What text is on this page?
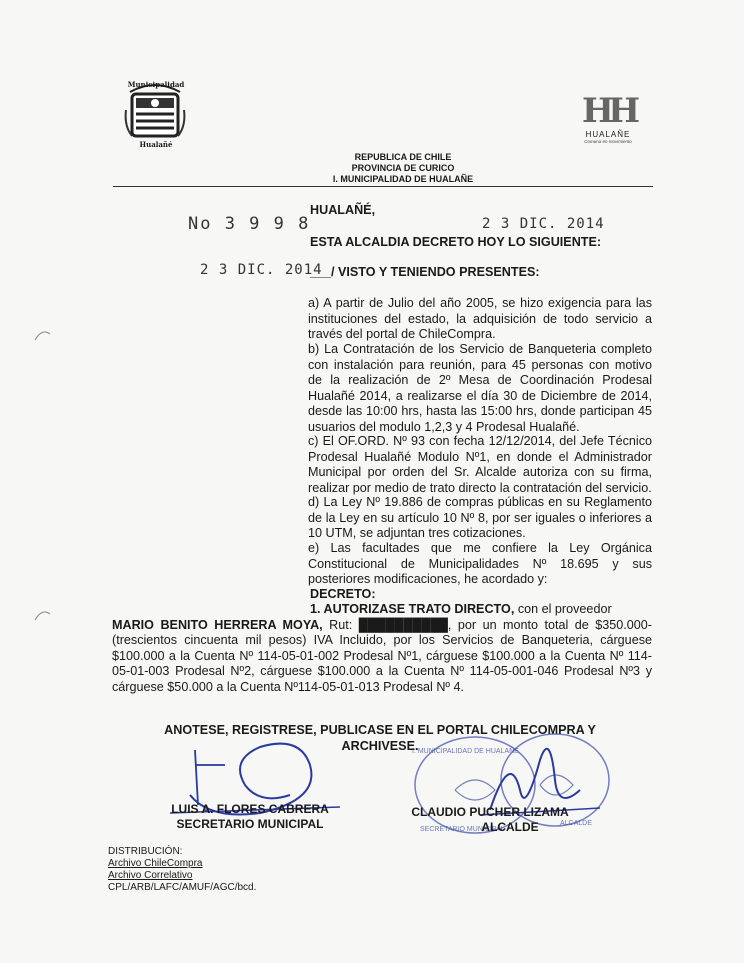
Municipalidad
Hualañé
HH
HUALAÑE
Comuna en movimiento
REPUBLICA DE CHILE
PROVINCIA DE CURICO
I. MUNICIPALIDAD DE HUALAÑE
HUALAÑÉ,
No 3 9 9 8	2 3 DIC. 2014
ESTA ALCALDIA DECRETO HOY LO SIGUIENTE:
2 3 DIC. 2014
___/ VISTO Y TENIENDO PRESENTES:
a) A partir de Julio del año 2005, se hizo exigencia para las instituciones del estado, la adquisición de todo servicio a través del portal de ChileCompra.
b) La Contratación de los Servicio de Banqueteria completo con instalación para reunión, para 45 personas con motivo de la realización de 2º Mesa de Coordinación Prodesal Hualañé 2014, a realizarse el día 30 de Diciembre de 2014, desde las 10:00 hrs, hasta las 15:00 hrs, donde participan 45 usuarios del modulo 1,2,3 y 4 Prodesal Hualañé.
c) El OF.ORD. Nº 93 con fecha 12/12/2014, del Jefe Técnico Prodesal Hualañé Modulo Nº1, en donde el Administrador Municipal por orden del Sr. Alcalde autoriza con su firma, realizar por medio de trato directo la contratación del servicio.
d) La Ley Nº 19.886 de compras públicas en su Reglamento de la Ley en su artículo 10 Nº 8, por ser iguales o inferiores a 10 UTM, se adjuntan tres cotizaciones.
e) Las facultades que me confiere la Ley Orgánica Constitucional de Municipalidades Nº 18.695 y sus posteriores modificaciones, he acordado y:
DECRETO:
1. AUTORIZASE TRATO DIRECTO, con el proveedor
MARIO BENITO HERRERA MOYA, Rut: ██████████, por un monto total de $350.000- (trescientos cincuenta mil pesos) IVA Incluido, por los Servicios de Banqueteria, cárguese $100.000 a la Cuenta Nº 114-05-01-002 Prodesal Nº1, cárguese $100.000 a la Cuenta Nº 114-05-01-003 Prodesal Nº2, cárguese $100.000 a la Cuenta Nº 114-05-001-046 Prodesal Nº3 y cárguese $50.000 a la Cuenta Nº114-05-01-013 Prodesal Nº 4.
ANOTESE, REGISTRESE, PUBLICASE EN EL PORTAL CHILECOMPRA Y ARCHIVESE.
I. MUNICIPALIDAD DE HUALAÑE
SECRETARIO MUNICIPAL
ALCALDE
LUIS A. FLORES CABRERA
SECRETARIO MUNICIPAL
CLAUDIO PUCHER LIZAMA
ALCALDE
DISTRIBUCIÓN:
Archivo ChileCompra
Archivo Correlativo
CPL/ARB/LAFC/AMUF/AGC/bcd.
